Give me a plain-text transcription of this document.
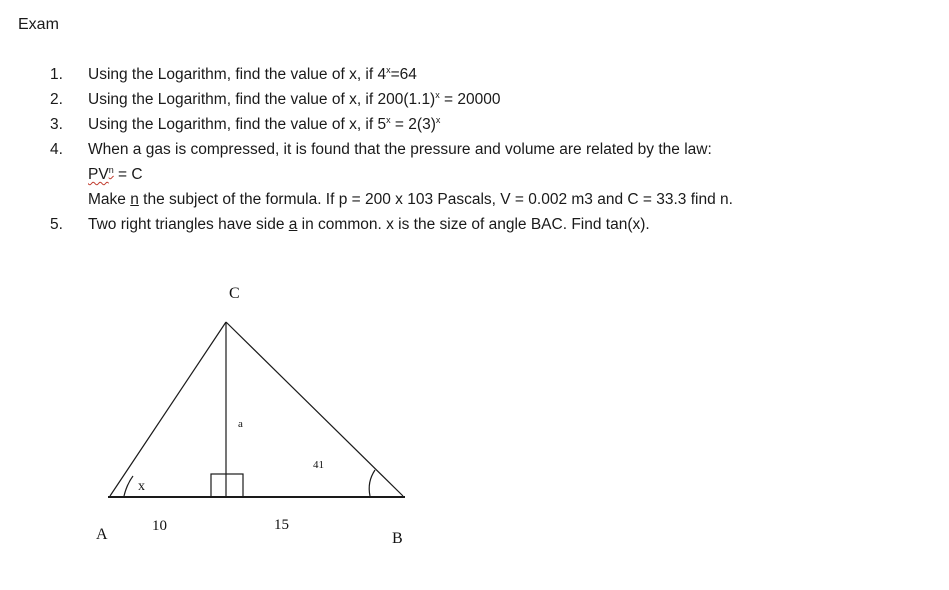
Exam
1. Using the Logarithm, find the value of x, if $4^x=64$
2. Using the Logarithm, find the value of x, if $200(1.1)^x = 20000$
3. Using the Logarithm, find the value of x, if $5^x = 2(3)^x$
4. When a gas is compressed, it is found that the pressure and volume are related by the law:
$PV^n = C$
Make n the subject of the formula. If p = 200 x 103 Pascals, V = 0.002 m3 and C = 33.3 find n.
5. Two right triangles have side a in common. x is the size of angle BAC. Find tan(x).
C
a
41
x
A	10	15
B
